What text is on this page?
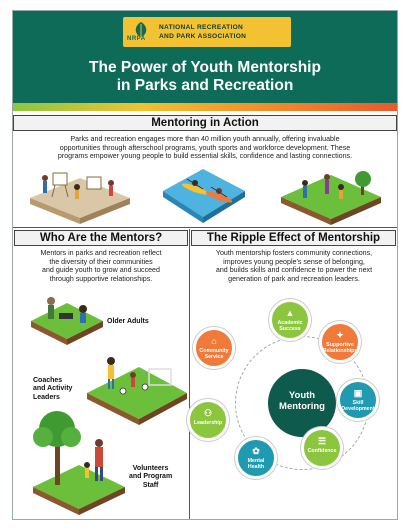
NRPA
NATIONAL RECREATION
AND PARK ASSOCIATION
The Power of Youth Mentorship
in Parks and Recreation
Mentoring in Action
Parks and recreation engages more than 40 million youth annually, offering invaluable
opportunities through afterschool programs, youth sports and workforce development. These
programs empower young people to build essential skills, confidence and lasting connections.
Who Are the Mentors?
Mentors in parks and recreation reflect
the diversity of their communities
and guide youth to grow and succeed
through supportive relationships.
Older Adults
Coaches
and Activity
Leaders
Volunteers
and Program
Staff
The Ripple Effect of Mentorship
Youth mentorship fosters community connections,
improves young people's sense of belonging,
and builds skills and confidence to power the next
generation of park and recreation leaders.
Youth
Mentoring
▲
Academic
Success
✦
Supportive
Relationships
▣
Skill
Development
☰
Confidence
✿
Mental
Health
⚇
Leadership
⌂
Community
Service
